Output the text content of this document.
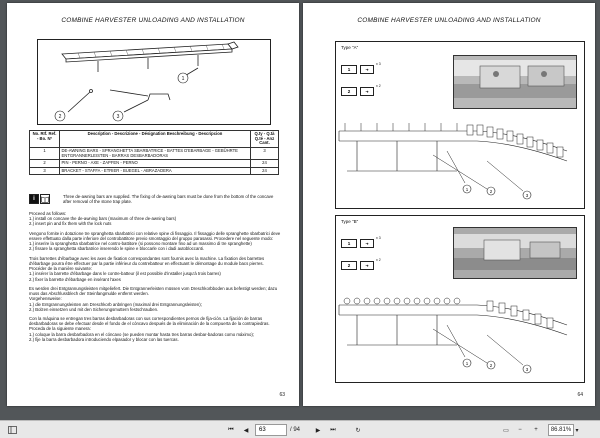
COMBINE HARVESTER UNLOADING AND INSTALLATION
2	3
1
No. RIf. Ref. - Bo. Nº	Description - Descrizione - Désignation Beschreibung - Descripcion	Q.ty - Q.tà Q.té - Anz Cant.
1	DE-AWNING BARS - SPRANGHETTA SBARBATRICE - BATTES D'EBARBAGE - GEBÜHRTE ENTGRANNERLEISTEN - BARRAS DESBARBADORAS	3
2	PIN - PERNO - AXE - ZAPFEN - PERNO	24
3	BRACKET - STAFFA - ETRIER - BUEGEL - ABRAZADERA	24
i	Three de-awning bars are supplied. The fixing of de-awning bars must be done from the bottom of the concave after removal of the stone trap plate.

Proceed as follows:

1.) install on concave the de-awning bars (maximum of three de-awning bars)

2.) insert pin and fix them with the lock nuts

Vengono fornite in dotazione tre spranghetta sbarbatrici con relative spine di fissaggio. Il fissaggio delle spranghette sbarbatrici deve essere effettuato dalla parte inferiore del controbattitore previo smontaggio del gruppo parasassi. Procedere nel seguente modo:

1.) inserire la spranghetta sbarbatrice nel contro-battitore (si possono montare fino ad un massimo di tre spranghette)

2.) fissare la spranghetta sbarbatrice inserendo le spine e bloccarle con i dadi autobloccanti.

Trois barrettes d'ébarbage avec les axes de fixation correspondantes sont fournis avec la machine. La fixation des barrettes d'ébarbage pourra être effectuer par la partie inférieur du contrebatteur en effectuant le démontage du module bacs pierres.

Procéder de la manière suivante:

1.) insérer la barrette d'ébarbage dans le contre-batteur (il est possible d'installer jusqu'à trois barres)

2.) fixer la barrette d'ébarbage en insérant l'axes

Es werden drei Entgrannungsleisten mitgeliefert. Die Entgrannerleisten müssen vom Dreschkorbboden aus befestigt werden; dazu muss das Abschlussblech der Steinfangmulde entfernt werden.

Vorgehensweise:

1.) die Entgrannungsleisten am Dreschkorb anbringen (maximal drei Entgrannungsleisten);

2.) Bolzen einsetzen und mit den Sicherungsmuttern festschrauben.

Con la máquina se entregan tres barras desbarbadoras con sus correspondientes pernos de fija-ción. La fijación de barras desbarbadoras se debe efectuar desde el fondo de el cóncavo después de la eliminación de la compuerta de la contrapiedras.

Proceda de la siguiente manera:

1.) coloque la barra desbarbadora en el cóncavo (se pueden montar hasta tres barras desbar-badoras como máximo);

2.) fije la barra desbarbadora introduciendo elpasador y blocar con las tuercas.

63
COMBINE HARVESTER UNLOADING AND INSTALLATION
Type "A"
1	➜
x 3
2	➜
x 2
1	2
3
Type "B"
1	➜
x 3
2	➜
x 2
1	2
3
64
⏮	◀	63	/ 94	▶	⏭	↻	▭	−	+	86.81% ▾
